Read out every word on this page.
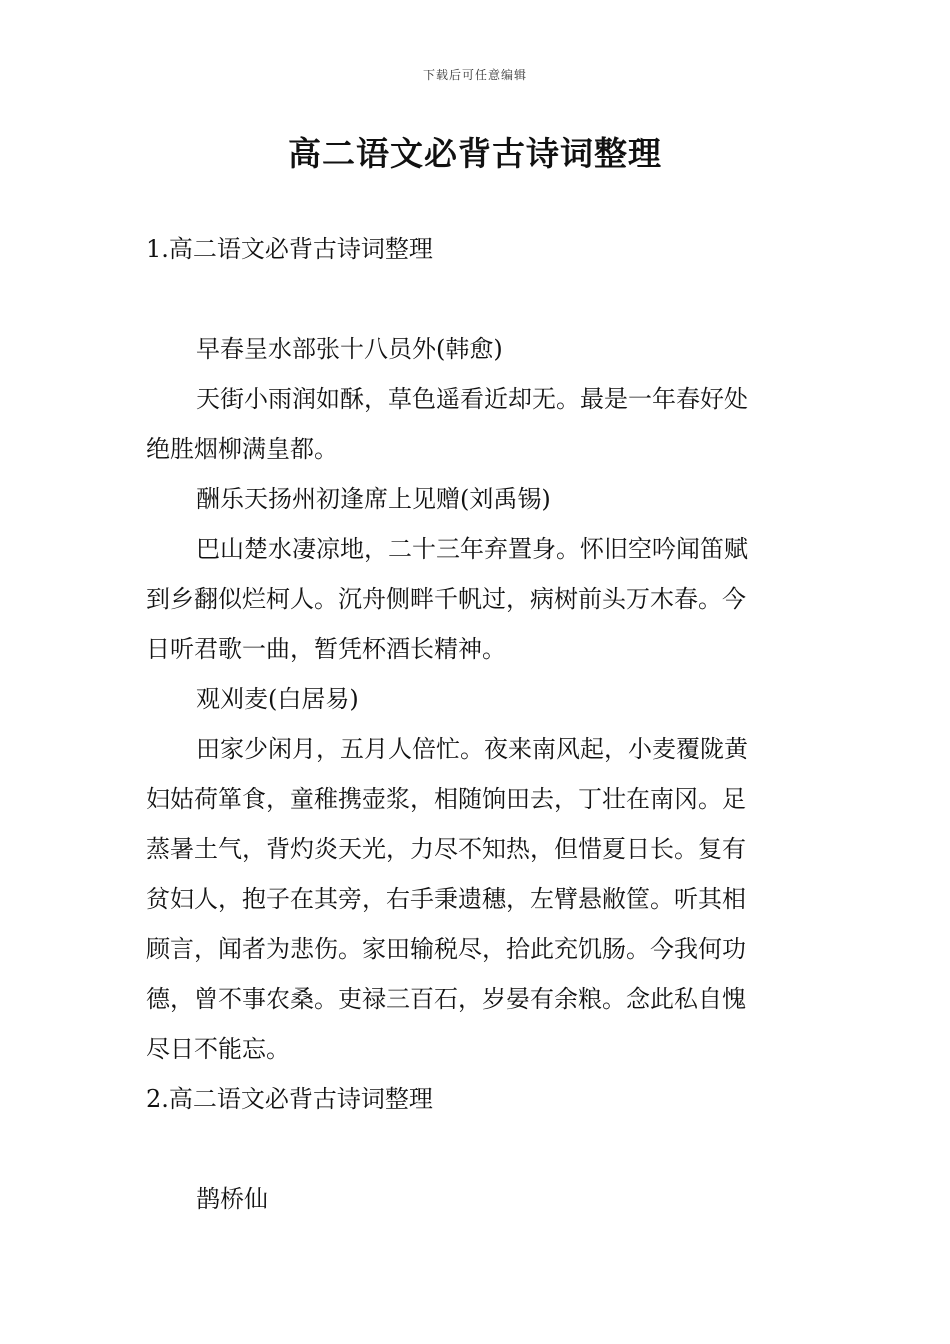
下载后可任意编辑
高二语文必背古诗词整理

1.高二语文必背古诗词整理

早春呈水部张十八员外(韩愈)

天街小雨润如酥，草色遥看近却无。最是一年春好处

绝胜烟柳满皇都。

酬乐天扬州初逢席上见赠(刘禹锡)

巴山楚水凄凉地，二十三年弃置身。怀旧空吟闻笛赋

到乡翻似烂柯人。沉舟侧畔千帆过，病树前头万木春。今

日听君歌一曲，暂凭杯酒长精神。

观刈麦(白居易)

田家少闲月，五月人倍忙。夜来南风起，小麦覆陇黄

妇姑荷箪食，童稚携壶浆，相随饷田去，丁壮在南冈。足

蒸暑土气，背灼炎天光，力尽不知热，但惜夏日长。复有

贫妇人，抱子在其旁，右手秉遗穗，左臂悬敝筐。听其相

顾言，闻者为悲伤。家田输税尽，拾此充饥肠。今我何功

德，曾不事农桑。吏禄三百石，岁晏有余粮。念此私自愧

尽日不能忘。

2.高二语文必背古诗词整理

鹊桥仙
